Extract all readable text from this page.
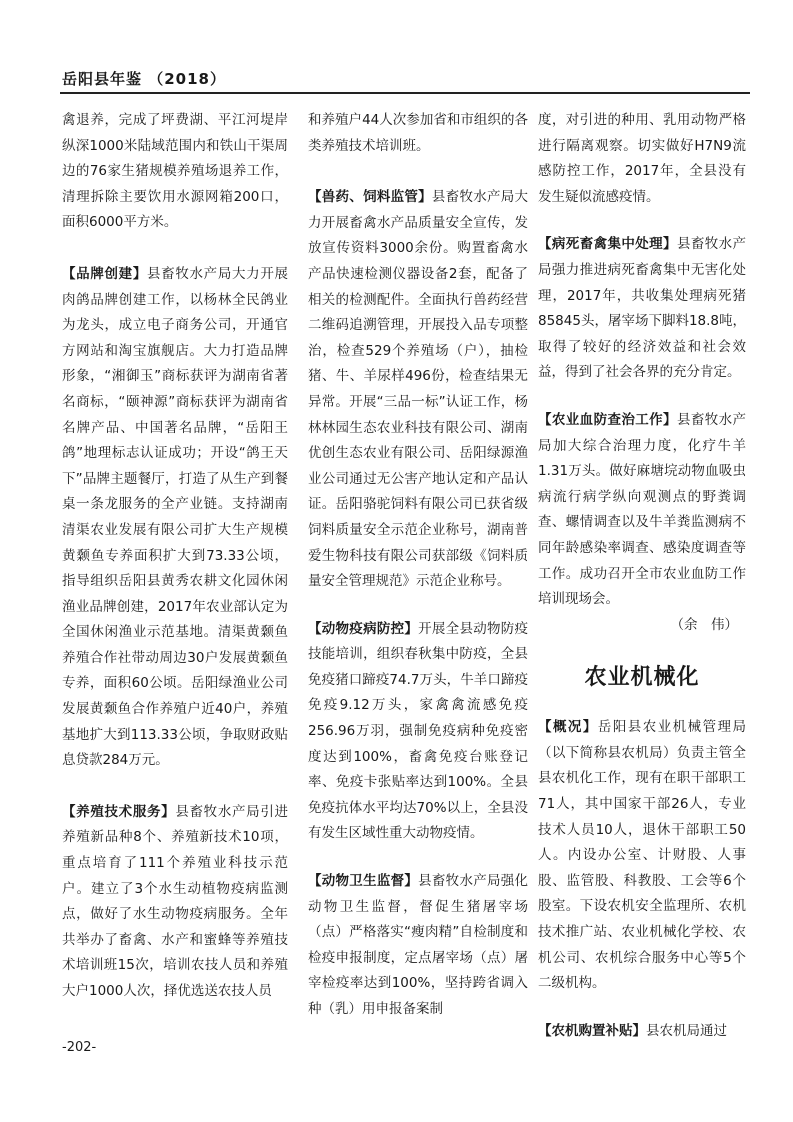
岳阳县年鉴 （2018）

禽退养，完成了坪费湖、平江河堤岸纵深1000米陆域范围内和铁山干渠周边的76家生猪规模养殖场退养工作，清理拆除主要饮用水源网箱200口，面积6000平方米。

【品牌创建】县畜牧水产局大力开展肉鸽品牌创建工作，以杨林全民鸽业为龙头，成立电子商务公司，开通官方网站和淘宝旗舰店。大力打造品牌形象，“湘御玉”商标获评为湖南省著名商标，“颐神源”商标获评为湖南省名牌产品、中国著名品牌，“岳阳王鸽”地理标志认证成功；开设“鸽王天下”品牌主题餐厅，打造了从生产到餐桌一条龙服务的全产业链。支持湖南清渠农业发展有限公司扩大生产规模黄颡鱼专养面积扩大到73.33公顷，指导组织岳阳县黄秀农耕文化园休闲渔业品牌创建，2017年农业部认定为全国休闲渔业示范基地。清渠黄颡鱼养殖合作社带动周边30户发展黄颡鱼专养，面积60公顷。岳阳绿渔业公司发展黄颡鱼合作养殖户近40户，养殖基地扩大到113.33公顷，争取财政贴息贷款284万元。

【养殖技术服务】县畜牧水产局引进养殖新品种8个、养殖新技术10项，重点培育了111个养殖业科技示范户。建立了3个水生动植物疫病监测点，做好了水生动物疫病服务。全年共举办了畜禽、水产和蜜蜂等养殖技术培训班15次，培训农技人员和养殖大户1000人次，择优选送农技人员

和养殖户44人次参加省和市组织的各类养殖技术培训班。

【兽药、饲料监管】县畜牧水产局大力开展畜禽水产品质量安全宣传，发放宣传资料3000余份。购置畜禽水产品快速检测仪器设备2套，配备了相关的检测配件。全面执行兽药经营二维码追溯管理，开展投入品专项整治，检查529个养殖场（户），抽检猪、牛、羊尿样496份，检查结果无异常。开展“三品一标”认证工作，杨林林园生态农业科技有限公司、湖南优创生态农业有限公司、岳阳绿源渔业公司通过无公害产地认定和产品认证。岳阳骆驼饲料有限公司已获省级饲料质量安全示范企业称号，湖南普爱生物科技有限公司获部级《饲料质量安全管理规范》示范企业称号。

【动物疫病防控】开展全县动物防疫技能培训，组织春秋集中防疫，全县免疫猪口蹄疫74.7万头，牛羊口蹄疫免疫9.12万头，家禽禽流感免疫256.96万羽，强制免疫病种免疫密度达到100%，畜禽免疫台账登记率、免疫卡张贴率达到100%。全县免疫抗体水平均达70%以上，全县没有发生区域性重大动物疫情。

【动物卫生监督】县畜牧水产局强化动物卫生监督，督促生猪屠宰场（点）严格落实“瘦肉精”自检制度和检疫申报制度，定点屠宰场（点）屠宰检疫率达到100%，坚持跨省调入种（乳）用申报备案制

度，对引进的种用、乳用动物严格进行隔离观察。切实做好H7N9流感防控工作，2017年，全县没有发生疑似流感疫情。

【病死畜禽集中处理】县畜牧水产局强力推进病死畜禽集中无害化处理，2017年，共收集处理病死猪85845头，屠宰场下脚料18.8吨，取得了较好的经济效益和社会效益，得到了社会各界的充分肯定。

【农业血防查治工作】县畜牧水产局加大综合治理力度，化疗牛羊1.31万头。做好麻塘垸动物血吸虫病流行病学纵向观测点的野粪调查、螺情调查以及牛羊粪监测病不同年龄感染率调查、感染度调查等工作。成功召开全市农业血防工作培训现场会。

（余　伟）

农业机械化

【概况】岳阳县农业机械管理局（以下简称县农机局）负责主管全县农机化工作，现有在职干部职工71人，其中国家干部26人，专业技术人员10人，退休干部职工50人。内设办公室、计财股、人事股、监管股、科教股、工会等6个股室。下设农机安全监理所、农机技术推广站、农业机械化学校、农机公司、农机综合服务中心等5个二级机构。

【农机购置补贴】县农机局通过

-202-
